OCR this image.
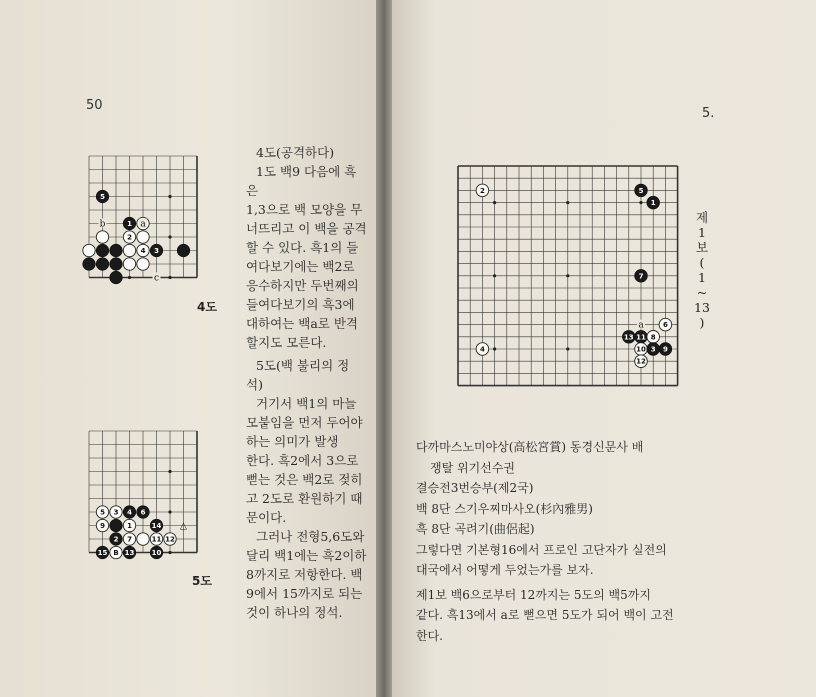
50
5
1
2
4 3
b	a
c
4도
5 3 4 6
9	1	14
2 7	11 12
15 B 13 10
△
5도

4도(공격하다)

1도 백9 다음에 흑은

1,3으로 백 모양을 무

너뜨리고 이 백을 공격

할 수 있다. 흑1의 들

여다보기에는 백2로

응수하지만 두번째의

들여다보기의 흑3에

대하여는 백a로 반격

할지도 모른다.

5도(백 불리의 정

석)

거기서 백1의 마늘

모붙임을 먼저 두어야

하는 의미가 발생

한다. 흑2에서 3으로

뻗는 것은 백2로 젖히

고 2도로 환원하기 때

문이다.

그러나 전형5,6도와

달리 백1에는 흑2이하

8까지로 저항한다. 백

9에서 15까지로 되는

것이 하나의 정석.

5.
2	5
1
7
6
13 11 8
4	10 3 9
12
a
제
1
보
(
1
~
13
)

다까마스노미야상(高松宮賞) 동경신문사 배

쟁탈 위기선수권

결승전3번승부(제2국)

백 8단 스기우찌마사오(杉內雅男)

흑 8단 곡려기(曲侶起)

그렇다면 기본형16에서 프로인 고단자가 실전의

대국에서 어떻게 두었는가를 보자.

제1보 백6으로부터 12까지는 5도의 백5까지

같다. 흑13에서 a로 뻗으면 5도가 되어 백이 고전

한다.
